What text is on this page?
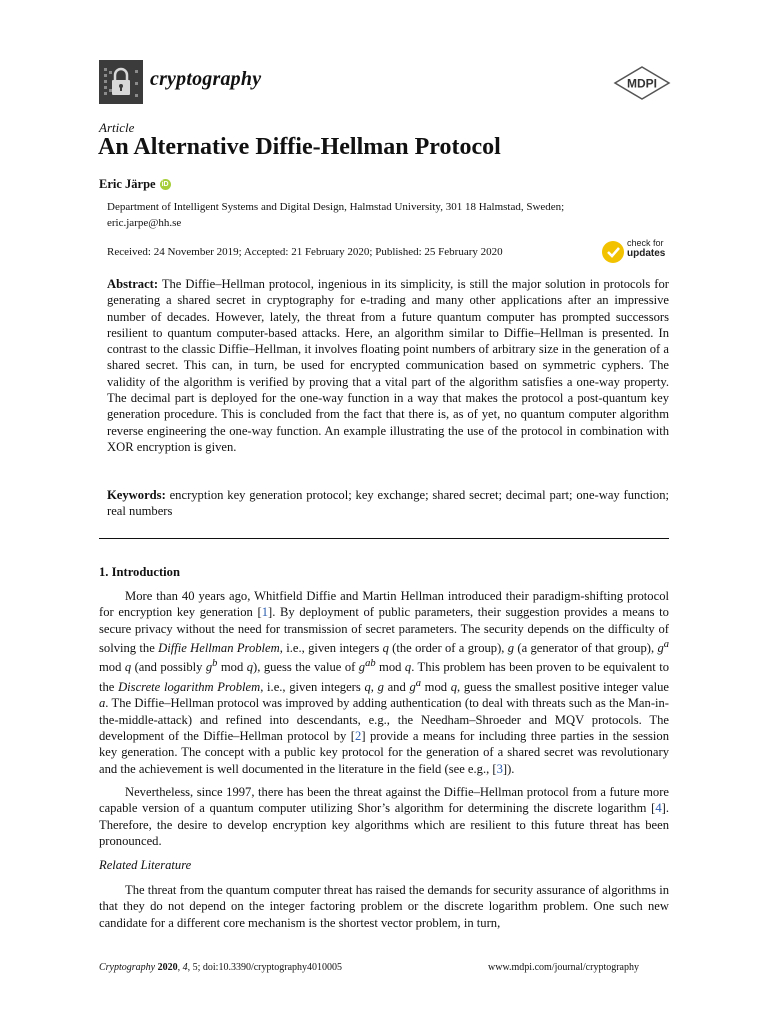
cryptography	MDPI
Article
An Alternative Diffie-Hellman Protocol
Eric Järpe iD
Department of Intelligent Systems and Digital Design, Halmstad University, 301 18 Halmstad, Sweden;
eric.jarpe@hh.se
Received: 24 November 2019; Accepted: 21 February 2020; Published: 25 February 2020
check for
updates
Abstract: The Diffie–Hellman protocol, ingenious in its simplicity, is still the major solution in protocols for generating a shared secret in cryptography for e-trading and many other applications after an impressive number of decades. However, lately, the threat from a future quantum computer has prompted successors resilient to quantum computer-based attacks. Here, an algorithm similar to Diffie–Hellman is presented. In contrast to the classic Diffie–Hellman, it involves floating point numbers of arbitrary size in the generation of a shared secret. This can, in turn, be used for encrypted communication based on symmetric cyphers. The validity of the algorithm is verified by proving that a vital part of the algorithm satisfies a one-way property. The decimal part is deployed for the one-way function in a way that makes the protocol a post-quantum key generation procedure. This is concluded from the fact that there is, as of yet, no quantum computer algorithm reverse engineering the one-way function. An example illustrating the use of the protocol in combination with XOR encryption is given.
Keywords: encryption key generation protocol; key exchange; shared secret; decimal part; one-way function; real numbers
1. Introduction

More than 40 years ago, Whitfield Diffie and Martin Hellman introduced their paradigm-shifting protocol for encryption key generation [1]. By deployment of public parameters, their suggestion provides a means to secure privacy without the need for transmission of secret parameters. The security depends on the difficulty of solving the Diffie Hellman Problem, i.e., given integers q (the order of a group), g (a generator of that group), $g^a$ mod q (and possibly $g^b$ mod q), guess the value of $g^{ab}$ mod q. This problem has been proven to be equivalent to the Discrete logarithm Problem, i.e., given integers q, g and $g^a$ mod q, guess the smallest positive integer value a. The Diffie–Hellman protocol was improved by adding authentication (to deal with threats such as the Man-in-the-middle-attack) and refined into descendants, e.g., the Needham–Shroeder and MQV protocols. The development of the Diffie–Hellman protocol by [2] provide a means for including three parties in the session key generation. The concept with a public key protocol for the generation of a shared secret was revolutionary and the achievement is well documented in the literature in the field (see e.g., [3]).

Nevertheless, since 1997, there has been the threat against the Diffie–Hellman protocol from a future more capable version of a quantum computer utilizing Shor’s algorithm for determining the discrete logarithm [4]. Therefore, the desire to develop encryption key algorithms which are resilient to this future threat has been pronounced.

Related Literature

The threat from the quantum computer threat has raised the demands for security assurance of algorithms in that they do not depend on the integer factoring problem or the discrete logarithm problem. One such new candidate for a different core mechanism is the shortest vector problem, in turn,

Cryptography 2020, 4, 5; doi:10.3390/cryptography4010005	www.mdpi.com/journal/cryptography
